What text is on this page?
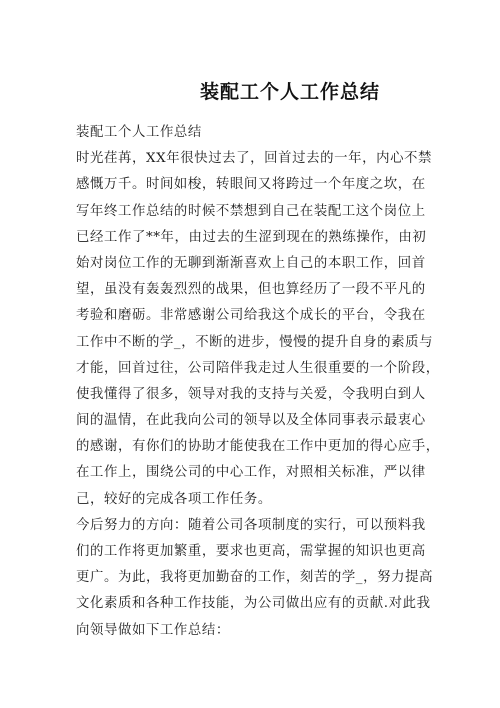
装配工个人工作总结
装配工个人工作总结
时光荏苒，XX年很快过去了，回首过去的一年，内心不禁
感慨万千。时间如梭，转眼间又将跨过一个年度之坎，在
写年终工作总结的时候不禁想到自己在装配工这个岗位上
已经工作了**年，由过去的生涩到现在的熟练操作，由初
始对岗位工作的无聊到渐渐喜欢上自己的本职工作，回首
望，虽没有轰轰烈烈的战果，但也算经历了一段不平凡的
考验和磨砺。非常感谢公司给我这个成长的平台，令我在
工作中不断的学_，不断的进步，慢慢的提升自身的素质与
才能，回首过往，公司陪伴我走过人生很重要的一个阶段，
使我懂得了很多，领导对我的支持与关爱，令我明白到人
间的温情，在此我向公司的领导以及全体同事表示最衷心
的感谢，有你们的协助才能使我在工作中更加的得心应手，
在工作上，围绕公司的中心工作，对照相关标准，严以律
己，较好的完成各项工作任务。
今后努力的方向：随着公司各项制度的实行，可以预料我
们的工作将更加繁重，要求也更高，需掌握的知识也更高
更广。为此，我将更加勤奋的工作，刻苦的学_，努力提高
文化素质和各种工作技能，为公司做出应有的贡献.对此我
向领导做如下工作总结：
